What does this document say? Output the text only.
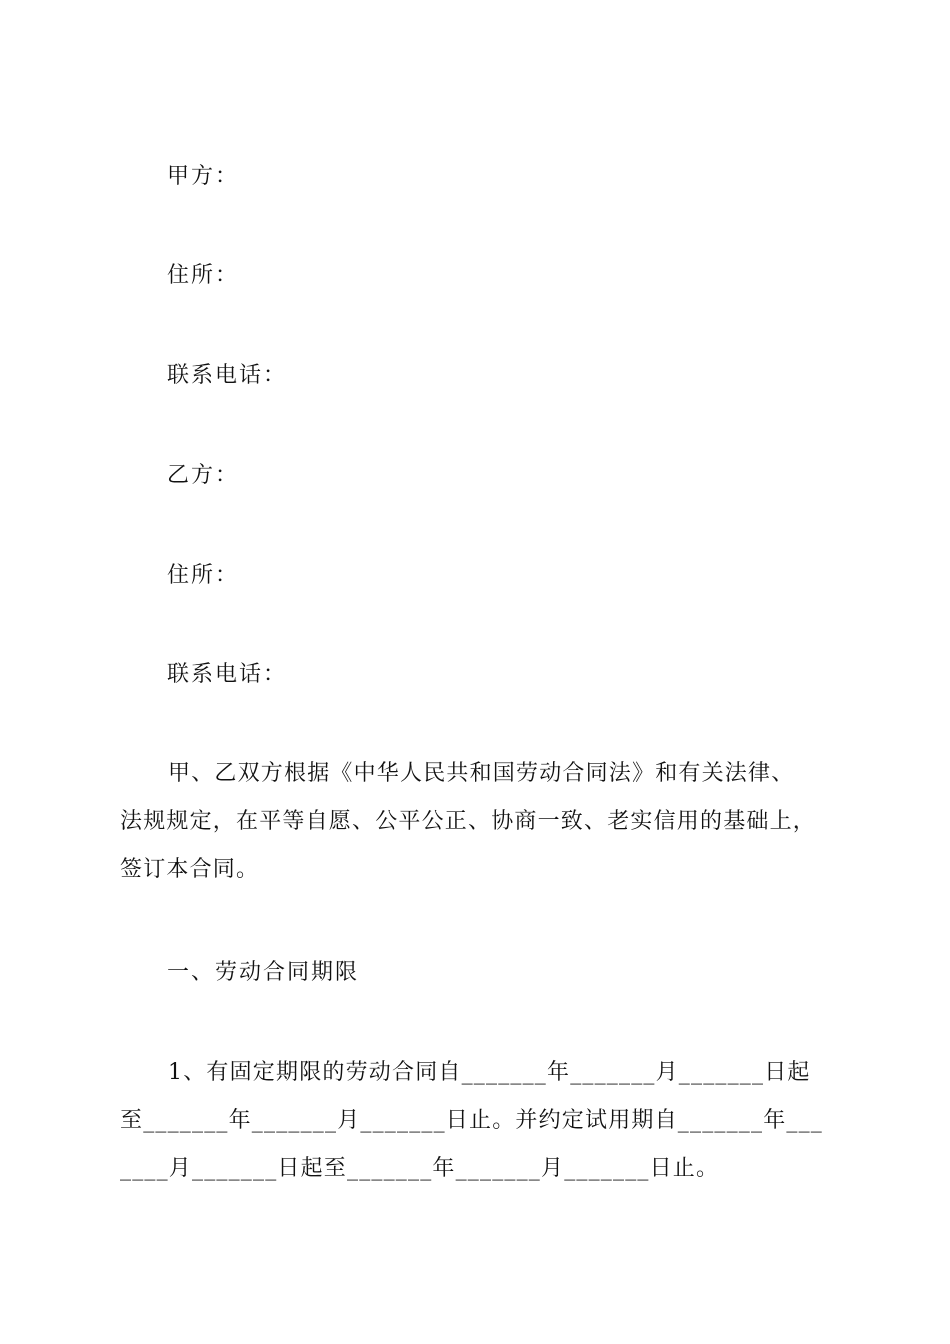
甲方：
住所：
联系电话：
乙方：
住所：
联系电话：
甲、乙双方根据《中华人民共和国劳动合同法》和有关法律、
法规规定，在平等自愿、公平公正、协商一致、老实信用的基础上，
签订本合同。
一、劳动合同期限
1、有固定期限的劳动合同自_______年_______月_______日起
至_______年_______月_______日止。并约定试用期自_______年___
____月_______日起至_______年_______月_______日止。
